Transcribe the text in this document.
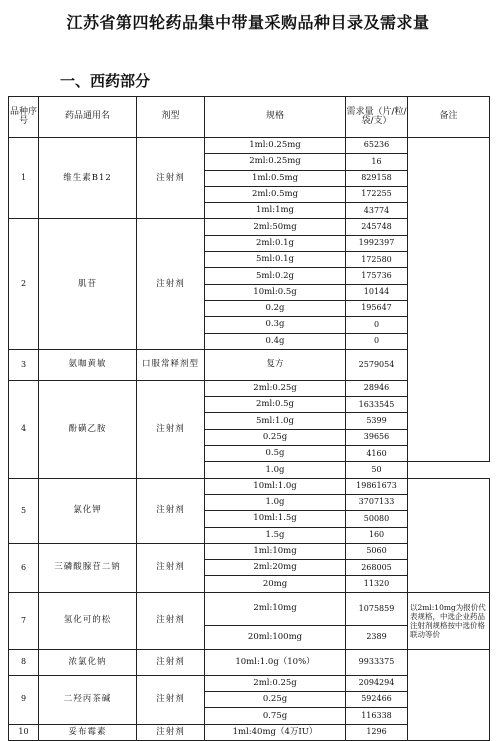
江苏省第四轮药品集中带量采购品种目录及需求量
一、西药部分
品种序号	药品通用名	剂型	规格	需求量（片/粒/袋/支）	备注
1	维生素B12	注射剂	1ml:0.25mg	65236	
			2ml:0.25mg	16	
			1ml:0.5mg	829158	
			2ml:0.5mg	172255	
			1ml:1mg	43774	
2	肌苷	注射剂	2ml:50mg	245748	
			2ml:0.1g	1992397	
			5ml:0.1g	172580	
			5ml:0.2g	175736	
			10ml:0.5g	10144	
			0.2g	195647	
			0.3g	0	
			0.4g	0	
3	氨咖黄敏	口服常释剂型	复方	2579054	
4	酚磺乙胺	注射剂	2ml:0.25g	28946	
			2ml:0.5g	1633545	
			5ml:1.0g	5399	
			0.25g	39656	
			0.5g	4160	
			1.0g	50	
5	氯化钾	注射剂	10ml:1.0g	19861673	
			1.0g	3707133	
			10ml:1.5g	50080	
			1.5g	160	
6	三磷酸腺苷二钠	注射剂	1ml:10mg	5060	
			2ml:20mg	268005	
			20mg	11320	
7	氢化可的松	注射剂	2ml:10mg	1075859	以2ml:10mg为报价代表规格，中选企业药品注射剂规格按中选价格联动等价
			20ml:100mg	2389	
8	浓氯化钠	注射剂	10ml:1.0g（10%）	9933375	
9	二羟丙茶碱	注射剂	2ml:0.25g	2094294	
			0.25g	592466	
			0.75g	116338	
10	妥布霉素	注射剂	1ml:40mg（4万IU）	1296	
